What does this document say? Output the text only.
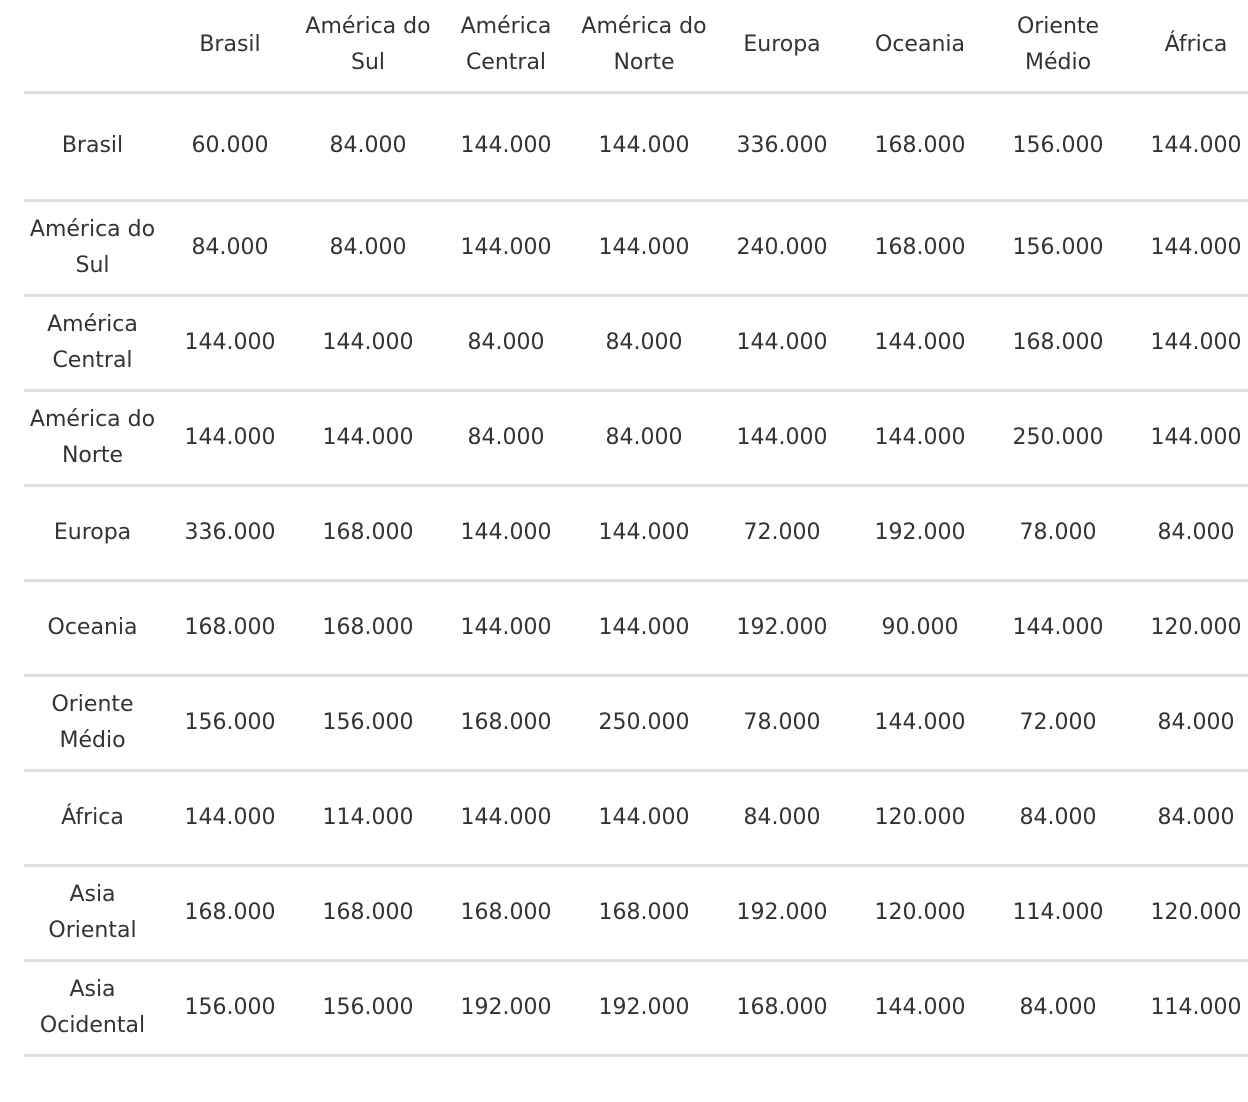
	Brasil	América do Sul	América Central	América do Norte	Europa	Oceania	Oriente Médio	África
Brasil	60.000	84.000	144.000	144.000	336.000	168.000	156.000	144.000
América do Sul	84.000	84.000	144.000	144.000	240.000	168.000	156.000	144.000
América Central	144.000	144.000	84.000	84.000	144.000	144.000	168.000	144.000
América do Norte	144.000	144.000	84.000	84.000	144.000	144.000	250.000	144.000
Europa	336.000	168.000	144.000	144.000	72.000	192.000	78.000	84.000
Oceania	168.000	168.000	144.000	144.000	192.000	90.000	144.000	120.000
Oriente Médio	156.000	156.000	168.000	250.000	78.000	144.000	72.000	84.000
África	144.000	114.000	144.000	144.000	84.000	120.000	84.000	84.000
Asia Oriental	168.000	168.000	168.000	168.000	192.000	120.000	114.000	120.000
Asia Ocidental	156.000	156.000	192.000	192.000	168.000	144.000	84.000	114.000
